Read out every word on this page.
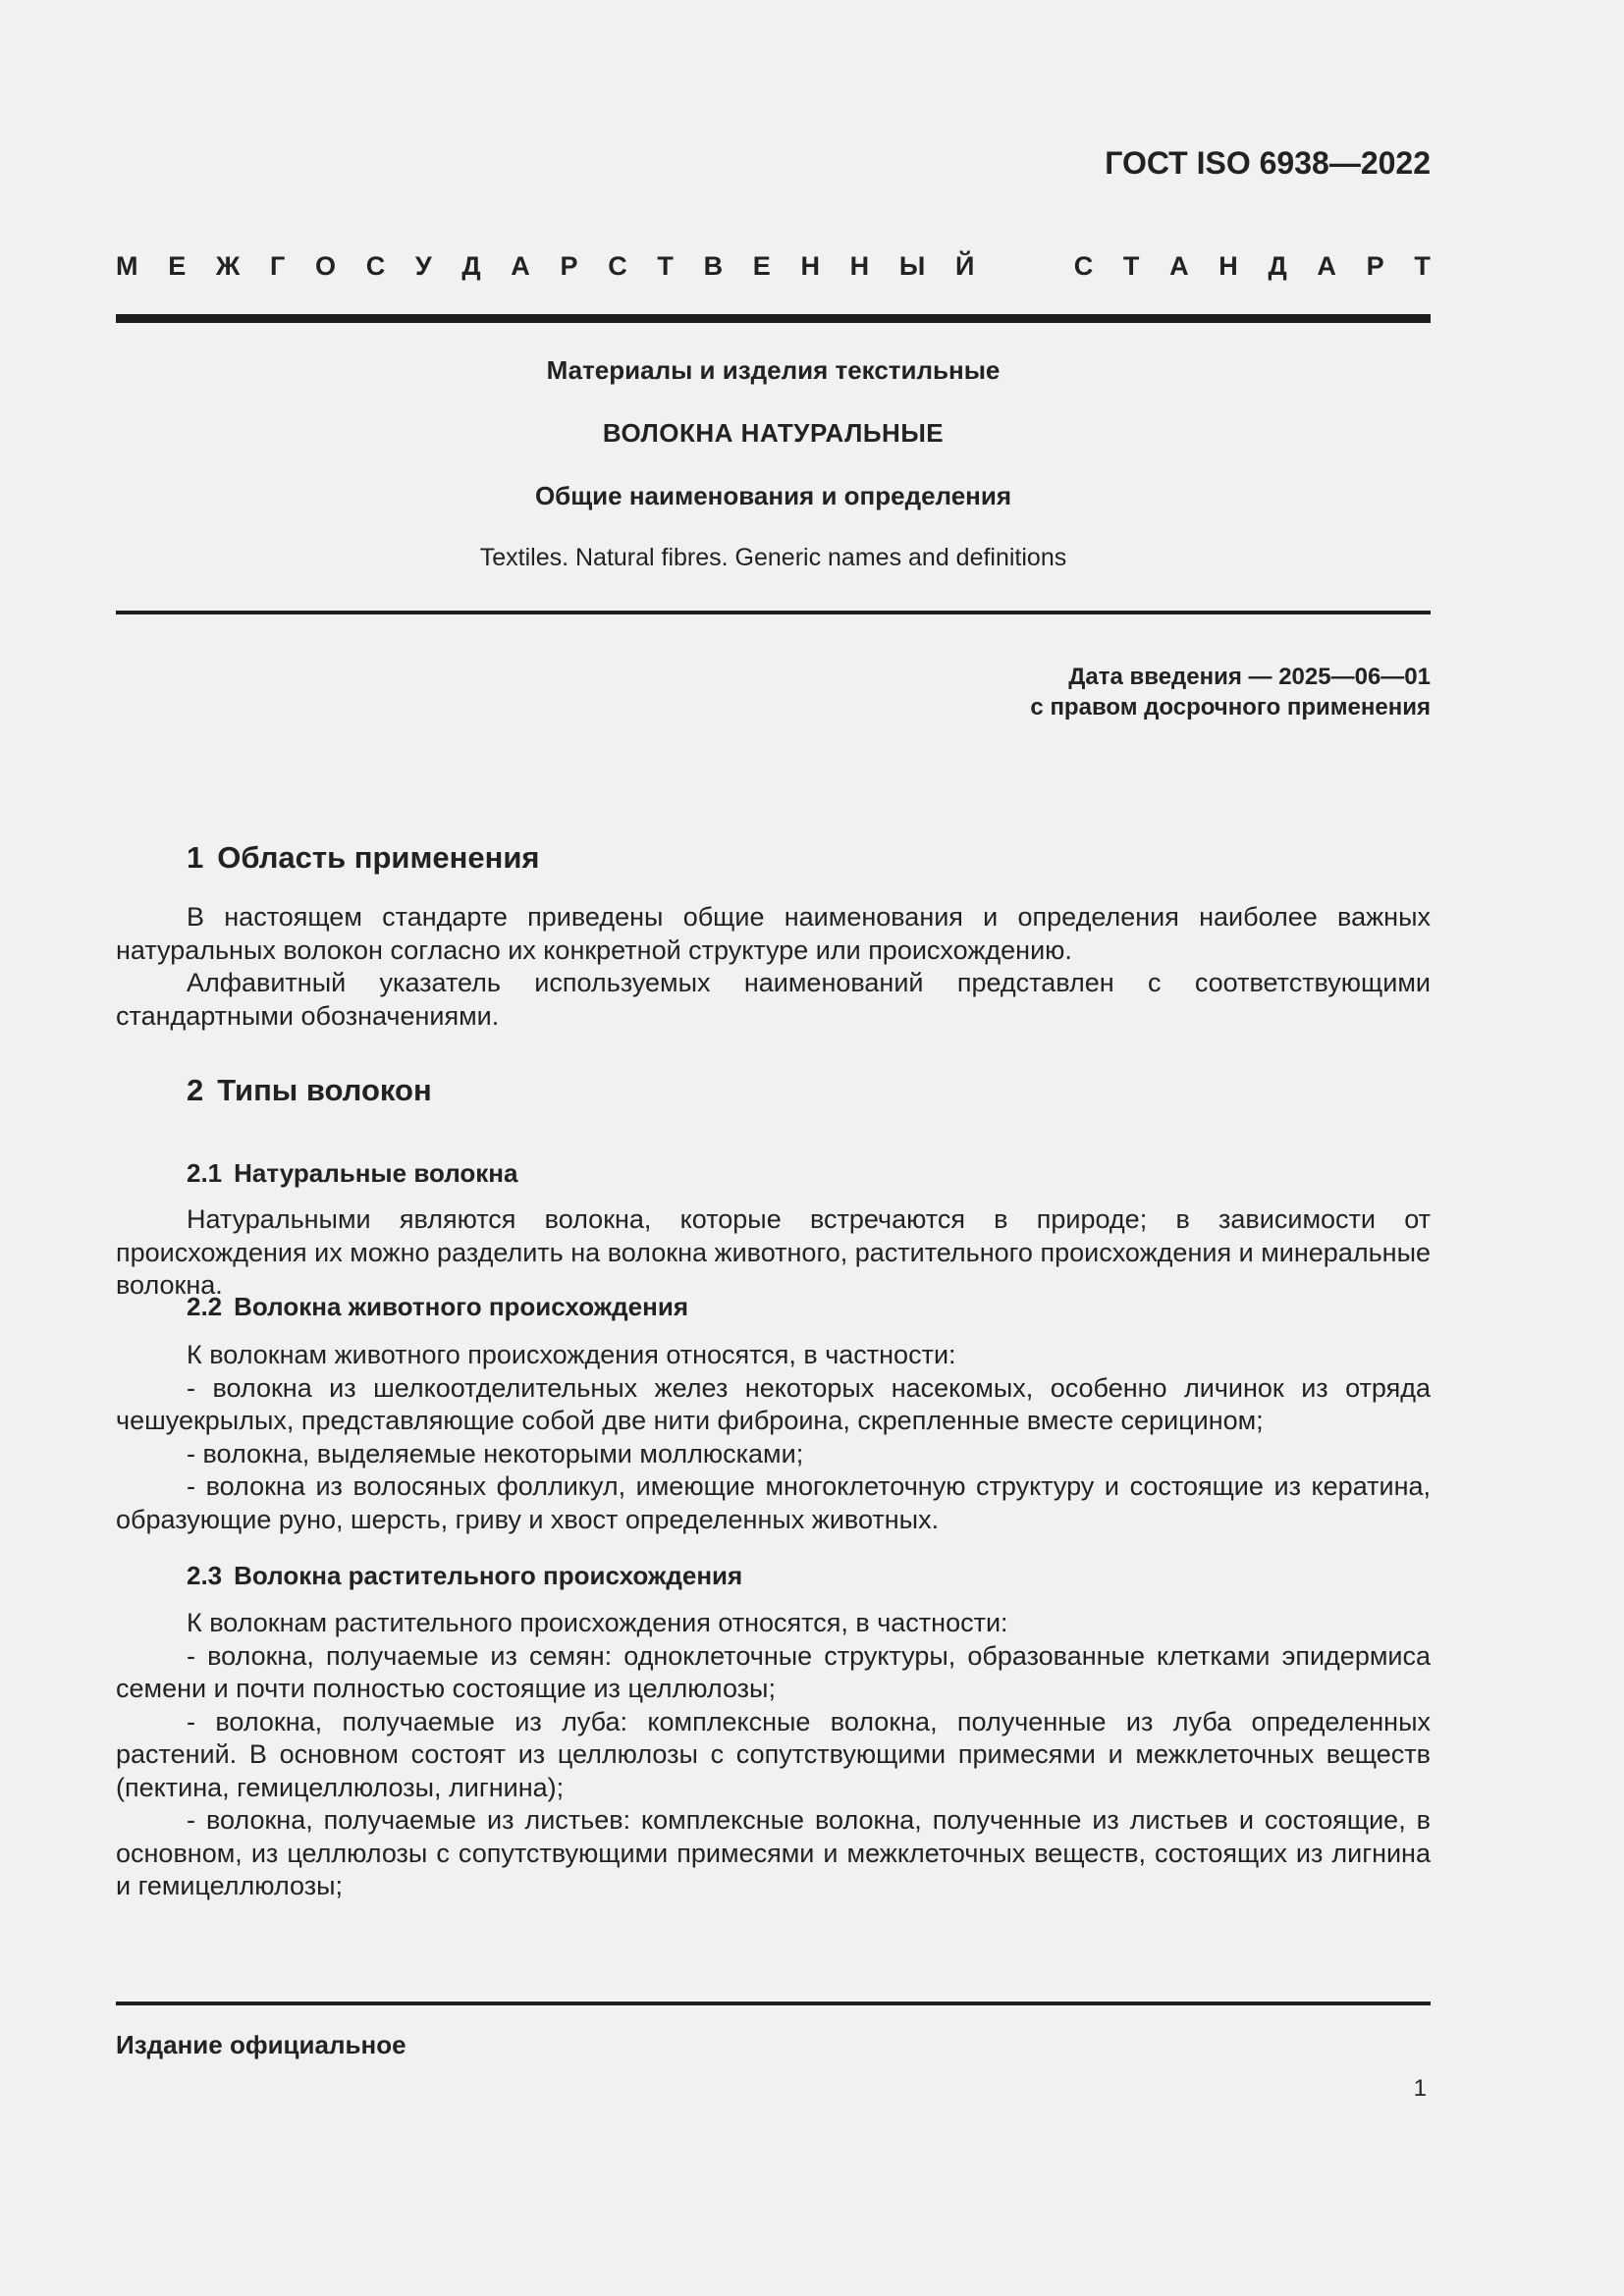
ГОСТ ISO 6938—2022
М Е Ж Г О С У Д А Р С Т В Е Н Н Ы Й	С Т А Н Д А Р Т
Материалы и изделия текстильные
ВОЛОКНА НАТУРАЛЬНЫЕ
Общие наименования и определения
Textiles. Natural fibres. Generic names and definitions
Дата введения — 2025—06—01
с правом досрочного применения
1 Область применения

В настоящем стандарте приведены общие наименования и определения наиболее важных натуральных волокон согласно их конкретной структуре или происхождению.

Алфавитный указатель используемых наименований представлен с соответствующими стандартными обозначениями.

2 Типы волокон
2.1 Натуральные волокна

Натуральными являются волокна, которые встречаются в природе; в зависимости от происхождения их можно разделить на волокна животного, растительного происхождения и минеральные волокна.

2.2 Волокна животного происхождения

К волокнам животного происхождения относятся, в частности:

- волокна из шелкоотделительных желез некоторых насекомых, особенно личинок из отряда чешуекрылых, представляющие собой две нити фиброина, скрепленные вместе серицином;

- волокна, выделяемые некоторыми моллюсками;

- волокна из волосяных фолликул, имеющие многоклеточную структуру и состоящие из кератина, образующие руно, шерсть, гриву и хвост определенных животных.

2.3 Волокна растительного происхождения

К волокнам растительного происхождения относятся, в частности:

- волокна, получаемые из семян: одноклеточные структуры, образованные клетками эпидермиса семени и почти полностью состоящие из целлюлозы;

- волокна, получаемые из луба: комплексные волокна, полученные из луба определенных растений. В основном состоят из целлюлозы с сопутствующими примесями и межклеточных веществ (пектина, гемицеллюлозы, лигнина);

- волокна, получаемые из листьев: комплексные волокна, полученные из листьев и состоящие, в основном, из целлюлозы с сопутствующими примесями и межклеточных веществ, состоящих из лигнина и гемицеллюлозы;

Издание официальное
1
